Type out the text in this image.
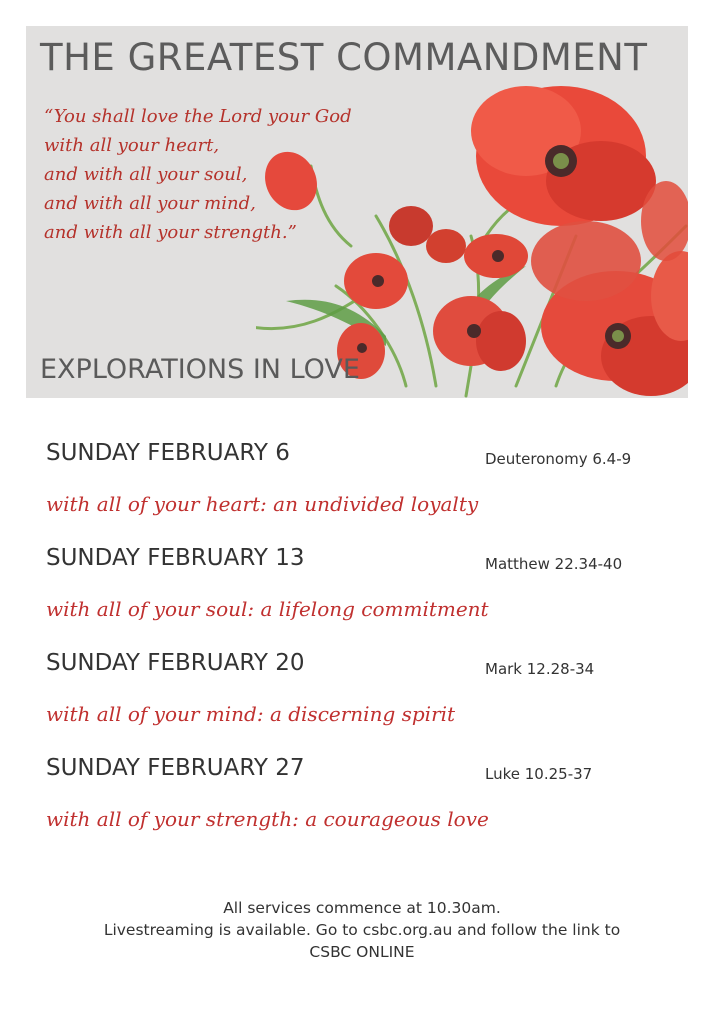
THE GREATEST COMMANDMENT
“You shall love the Lord your God
with all your heart,
and with all your soul,
and with all your mind,
and with all your strength.”
EXPLORATIONS IN LOVE
SUNDAY FEBRUARY 6	Deuteronomy 6.4-9
with all of your heart: an undivided loyalty
SUNDAY FEBRUARY 13	Matthew 22.34-40
with all of your soul: a lifelong commitment
SUNDAY FEBRUARY 20	Mark 12.28-34
with all of your mind: a discerning spirit
SUNDAY FEBRUARY 27	Luke 10.25-37
with all of your strength: a courageous love
All services commence at 10.30am.
Livestreaming is available. Go to csbc.org.au and follow the link to
CSBC ONLINE
